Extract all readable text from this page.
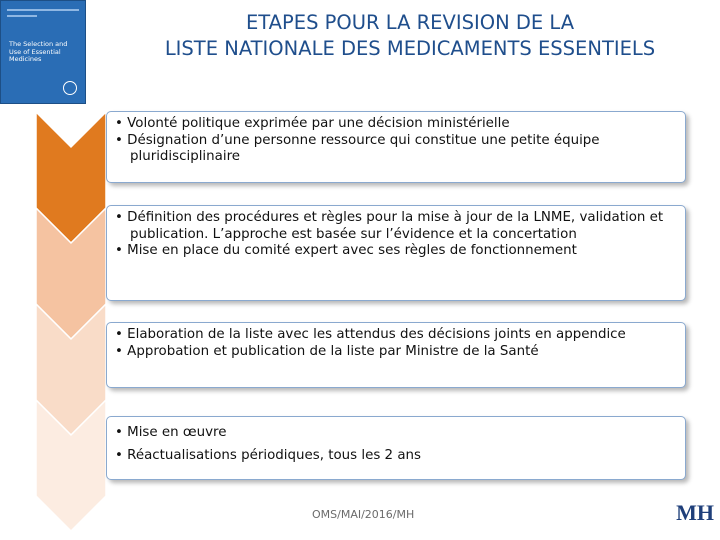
The Selection and Use of Essential Medicines
ETAPES POUR LA REVISION DE LA
LISTE NATIONALE DES MEDICAMENTS ESSENTIELS
• Volonté politique exprimée par une décision ministérielle
• Désignation d’une personne ressource qui constitue une petite équipe pluridisciplinaire
• Définition des procédures et règles pour la mise à jour de la LNME, validation et publication. L’approche est basée sur l’évidence et la concertation
• Mise en place du comité expert avec ses règles de fonctionnement
• Elaboration de la liste avec les attendus des décisions joints en appendice
• Approbation et publication de la liste par Ministre de la Santé
• Mise en œuvre
• Réactualisations périodiques, tous les 2 ans
OMS/MAI/2016/MH	MH
